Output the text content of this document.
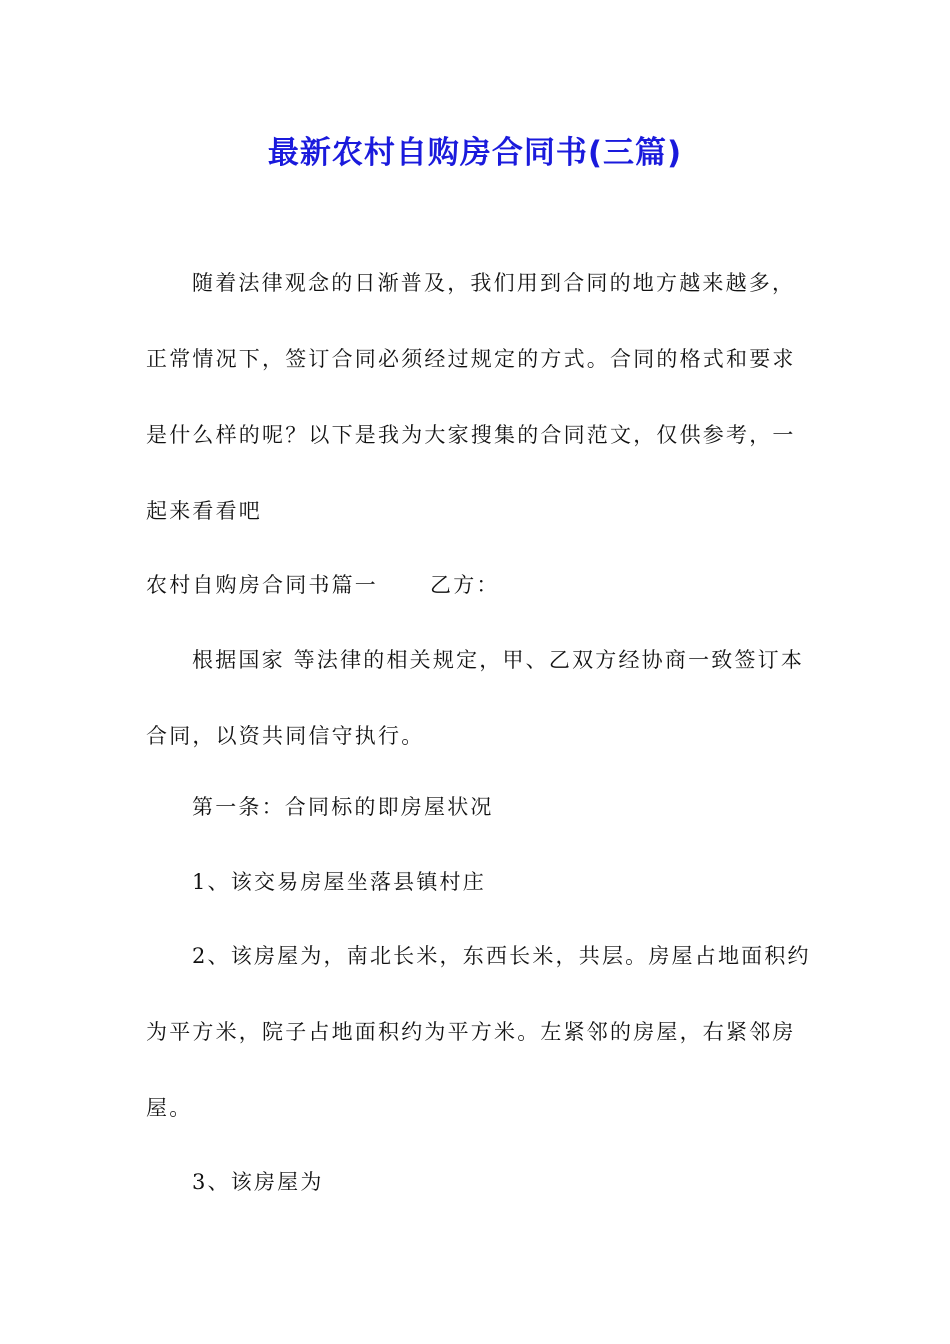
最新农村自购房合同书(三篇)

随着法律观念的日渐普及，我们用到合同的地方越来越多，正常情况下，签订合同必须经过规定的方式。合同的格式和要求是什么样的呢？以下是我为大家搜集的合同范文，仅供参考，一起来看看吧

农村自购房合同书篇一 乙方：

根据国家 等法律的相关规定，甲、乙双方经协商一致签订本合同，以资共同信守执行。

第一条：合同标的即房屋状况
1、该交易房屋坐落县镇村庄

2、该房屋为，南北长米，东西长米，共层。房屋占地面积约为平方米，院子占地面积约为平方米。左紧邻的房屋，右紧邻房屋。

3、该房屋为
